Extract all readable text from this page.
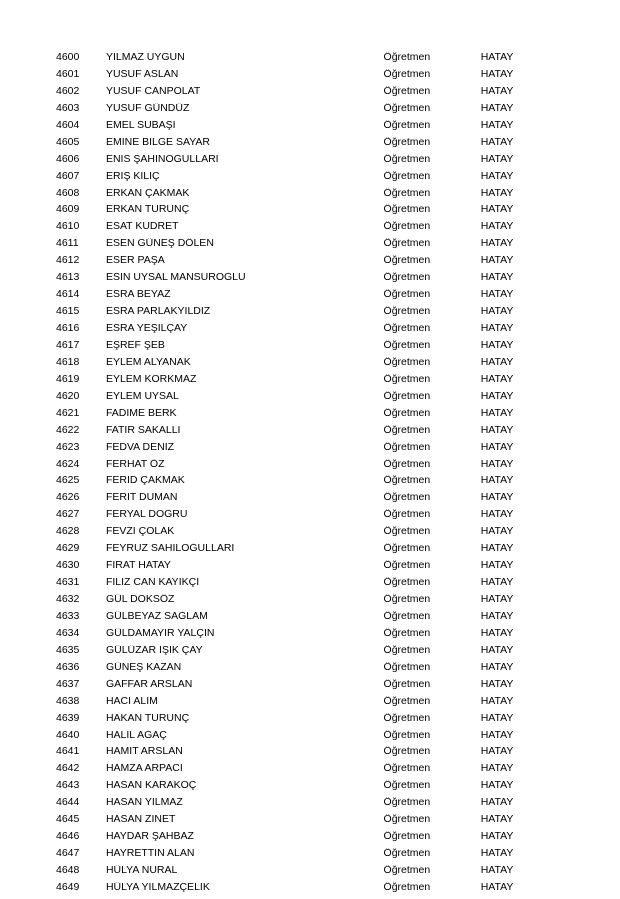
4600	YILMAZ UYGUN	Öğretmen	HATAY
4601	YUSUF ASLAN	Öğretmen	HATAY
4602	YUSUF CANPOLAT	Öğretmen	HATAY
4603	YUSUF GÜNDÜZ	Öğretmen	HATAY
4604	EMEL SUBAŞI	Öğretmen	HATAY
4605	EMİNE BİLGE SAYAR	Öğretmen	HATAY
4606	ENİS ŞAHİNOĞULLARI	Öğretmen	HATAY
4607	ERİŞ KILIÇ	Öğretmen	HATAY
4608	ERKAN ÇAKMAK	Öğretmen	HATAY
4609	ERKAN TURUNÇ	Öğretmen	HATAY
4610	ESAT KUDRET	Öğretmen	HATAY
4611	ESEN GÜNEŞ DÖLEN	Öğretmen	HATAY
4612	ESER PAŞA	Öğretmen	HATAY
4613	ESİN UYSAL MANSUROĞLU	Öğretmen	HATAY
4614	ESRA BEYAZ	Öğretmen	HATAY
4615	ESRA PARLAKYILDIZ	Öğretmen	HATAY
4616	ESRA YEŞİLÇAY	Öğretmen	HATAY
4617	EŞREF ŞEB	Öğretmen	HATAY
4618	EYLEM ALYANAK	Öğretmen	HATAY
4619	EYLEM KORKMAZ	Öğretmen	HATAY
4620	EYLEM UYSAL	Öğretmen	HATAY
4621	FADİME BERK	Öğretmen	HATAY
4622	FATİR SAKALLI	Öğretmen	HATAY
4623	FEDVA DENİZ	Öğretmen	HATAY
4624	FERHAT ÖZ	Öğretmen	HATAY
4625	FERİD ÇAKMAK	Öğretmen	HATAY
4626	FERİT DUMAN	Öğretmen	HATAY
4627	FERYAL DOĞRU	Öğretmen	HATAY
4628	FEVZİ ÇOLAK	Öğretmen	HATAY
4629	FEYRUZ SAHİLOĞULLARI	Öğretmen	HATAY
4630	FIRAT HATAY	Öğretmen	HATAY
4631	FİLİZ CAN KAYIKÇI	Öğretmen	HATAY
4632	GÜL DOKSÖZ	Öğretmen	HATAY
4633	GÜLBEYAZ SAĞLAM	Öğretmen	HATAY
4634	GÜLDAMAYIR YALÇIN	Öğretmen	HATAY
4635	GÜLÜZAR IŞIK ÇAY	Öğretmen	HATAY
4636	GÜNEŞ KAZAN	Öğretmen	HATAY
4637	ĞAFFAR ARSLAN	Öğretmen	HATAY
4638	HACI ALIM	Öğretmen	HATAY
4639	HAKAN TURUNÇ	Öğretmen	HATAY
4640	HALİL AĞAÇ	Öğretmen	HATAY
4641	HAMİT ARSLAN	Öğretmen	HATAY
4642	HAMZA ARPACI	Öğretmen	HATAY
4643	HASAN KARAKOÇ	Öğretmen	HATAY
4644	HASAN YILMAZ	Öğretmen	HATAY
4645	HASAN ZİNET	Öğretmen	HATAY
4646	HAYDAR ŞAHBAZ	Öğretmen	HATAY
4647	HAYRETTİN ALAN	Öğretmen	HATAY
4648	HÜLYA NURAL	Öğretmen	HATAY
4649	HÜLYA YILMAZÇELİK	Öğretmen	HATAY
